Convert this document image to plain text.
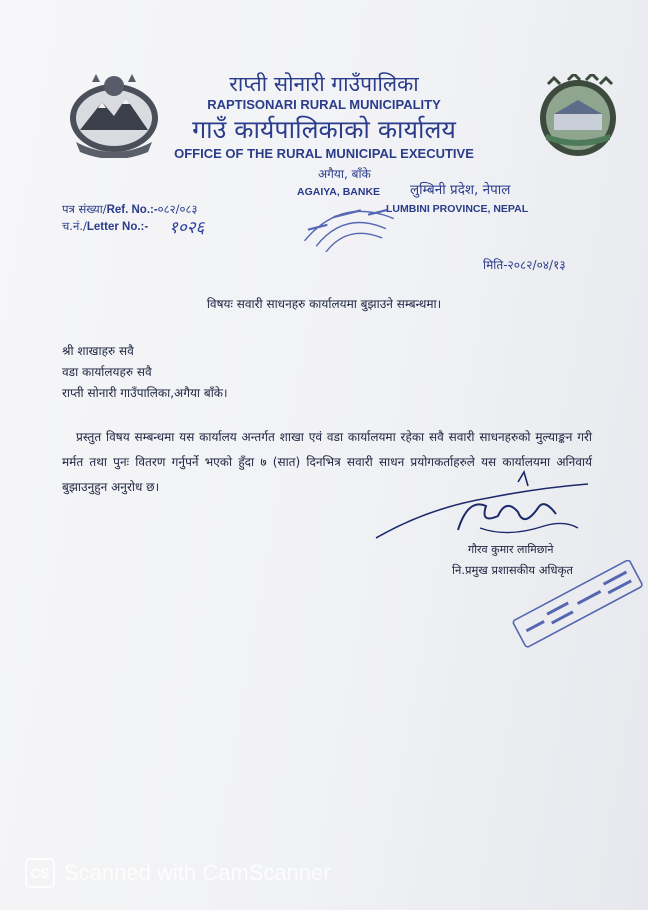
राप्ती सोनारी गाउँपालिका
RAPTISONARI RURAL MUNICIPALITY
गाउँ कार्यपालिकाको कार्यालय
OFFICE OF THE RURAL MUNICIPAL EXECUTIVE
अगैया, बाँके
AGAIYA, BANKE लुम्बिनी प्रदेश, नेपाल
LUMBINI PROVINCE, NEPAL
पत्र संख्या/Ref. No.:-०८२/०८३
च.नं./Letter No.:- १०२६
मिति-२०८२/०४/१३
विषयः सवारी साधनहरु कार्यालयमा बुझाउने सम्बन्धमा।
श्री शाखाहरु सवै
वडा कार्यालयहरु सवै
राप्ती सोनारी गाउँपालिका,अगैया बाँके।
प्रस्तुत विषय सम्बन्धमा यस कार्यालय अन्तर्गत शाखा एवं वडा कार्यालयमा रहेका सवै सवारी साधनहरुको मुल्याङ्कन गरी मर्मत तथा पुनः वितरण गर्नुपर्ने भएको हुँदा ७ (सात) दिनभित्र सवारी साधन प्रयोगकर्ताहरुले यस कार्यालयमा अनिवार्य बुझाउनुहुन अनुरोध छ।
गौरव कुमार लामिछाने
नि.प्रमुख प्रशासकीय अधिकृत
CS Scanned with CamScanner
